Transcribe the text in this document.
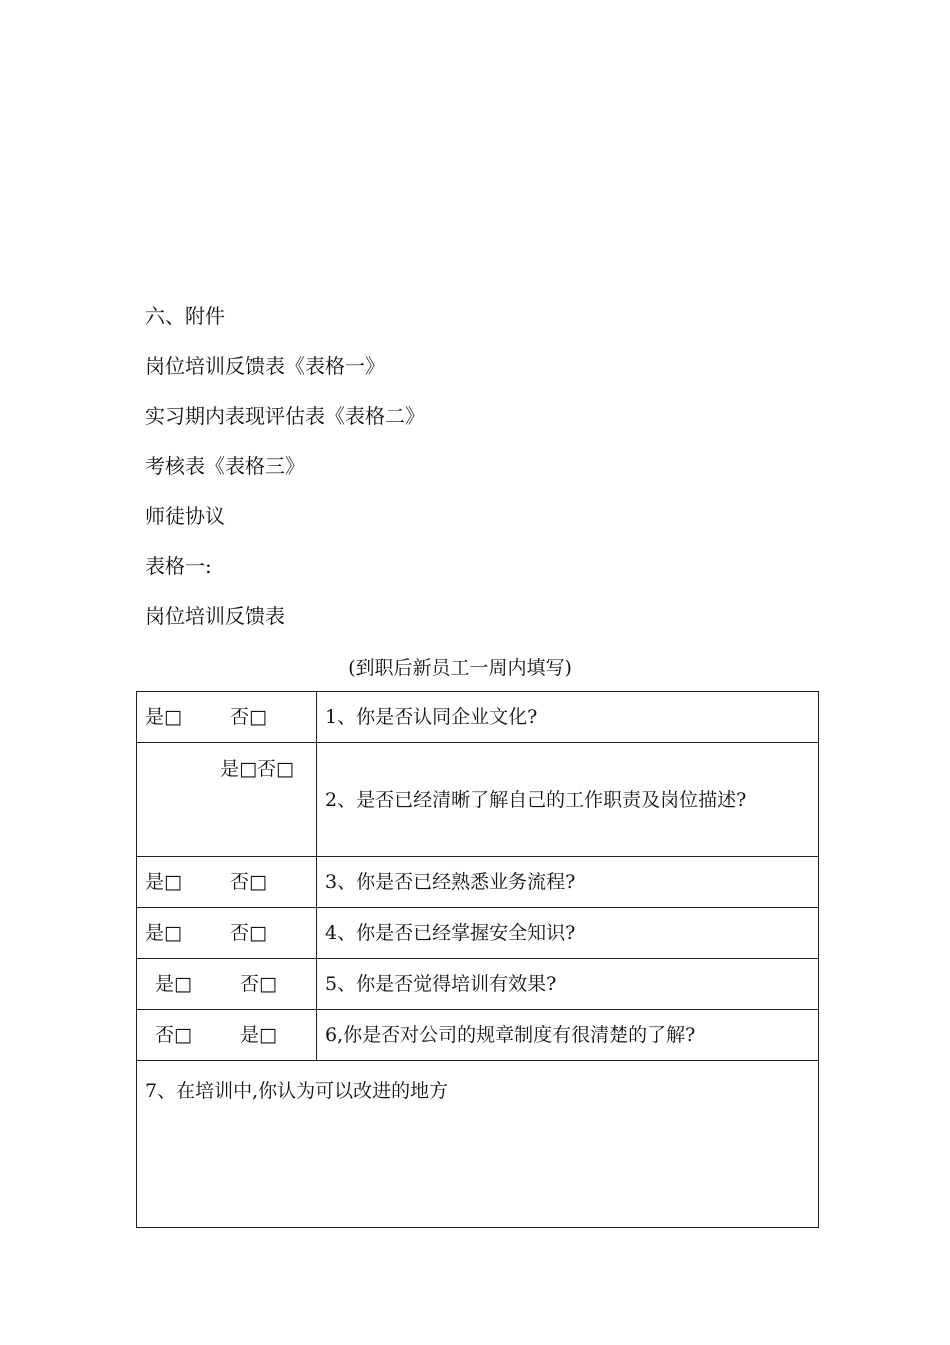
六、附件
岗位培训反馈表《表格一》
实习期内表现评估表《表格二》
考核表《表格三》
师徒协议
表格一:
岗位培训反馈表
(到职后新员工一周内填写)
是□ 否□	1、你是否认同企业文化?
是□否□	2、是否已经清晰了解自己的工作职责及岗位描述?
是□ 否□	3、你是否已经熟悉业务流程?
是□ 否□	4、你是否已经掌握安全知识?
是□ 否□	5、你是否觉得培训有效果?
否□ 是□	6,你是否对公司的规章制度有很清楚的了解?
7、在培训中,你认为可以改进的地方	
